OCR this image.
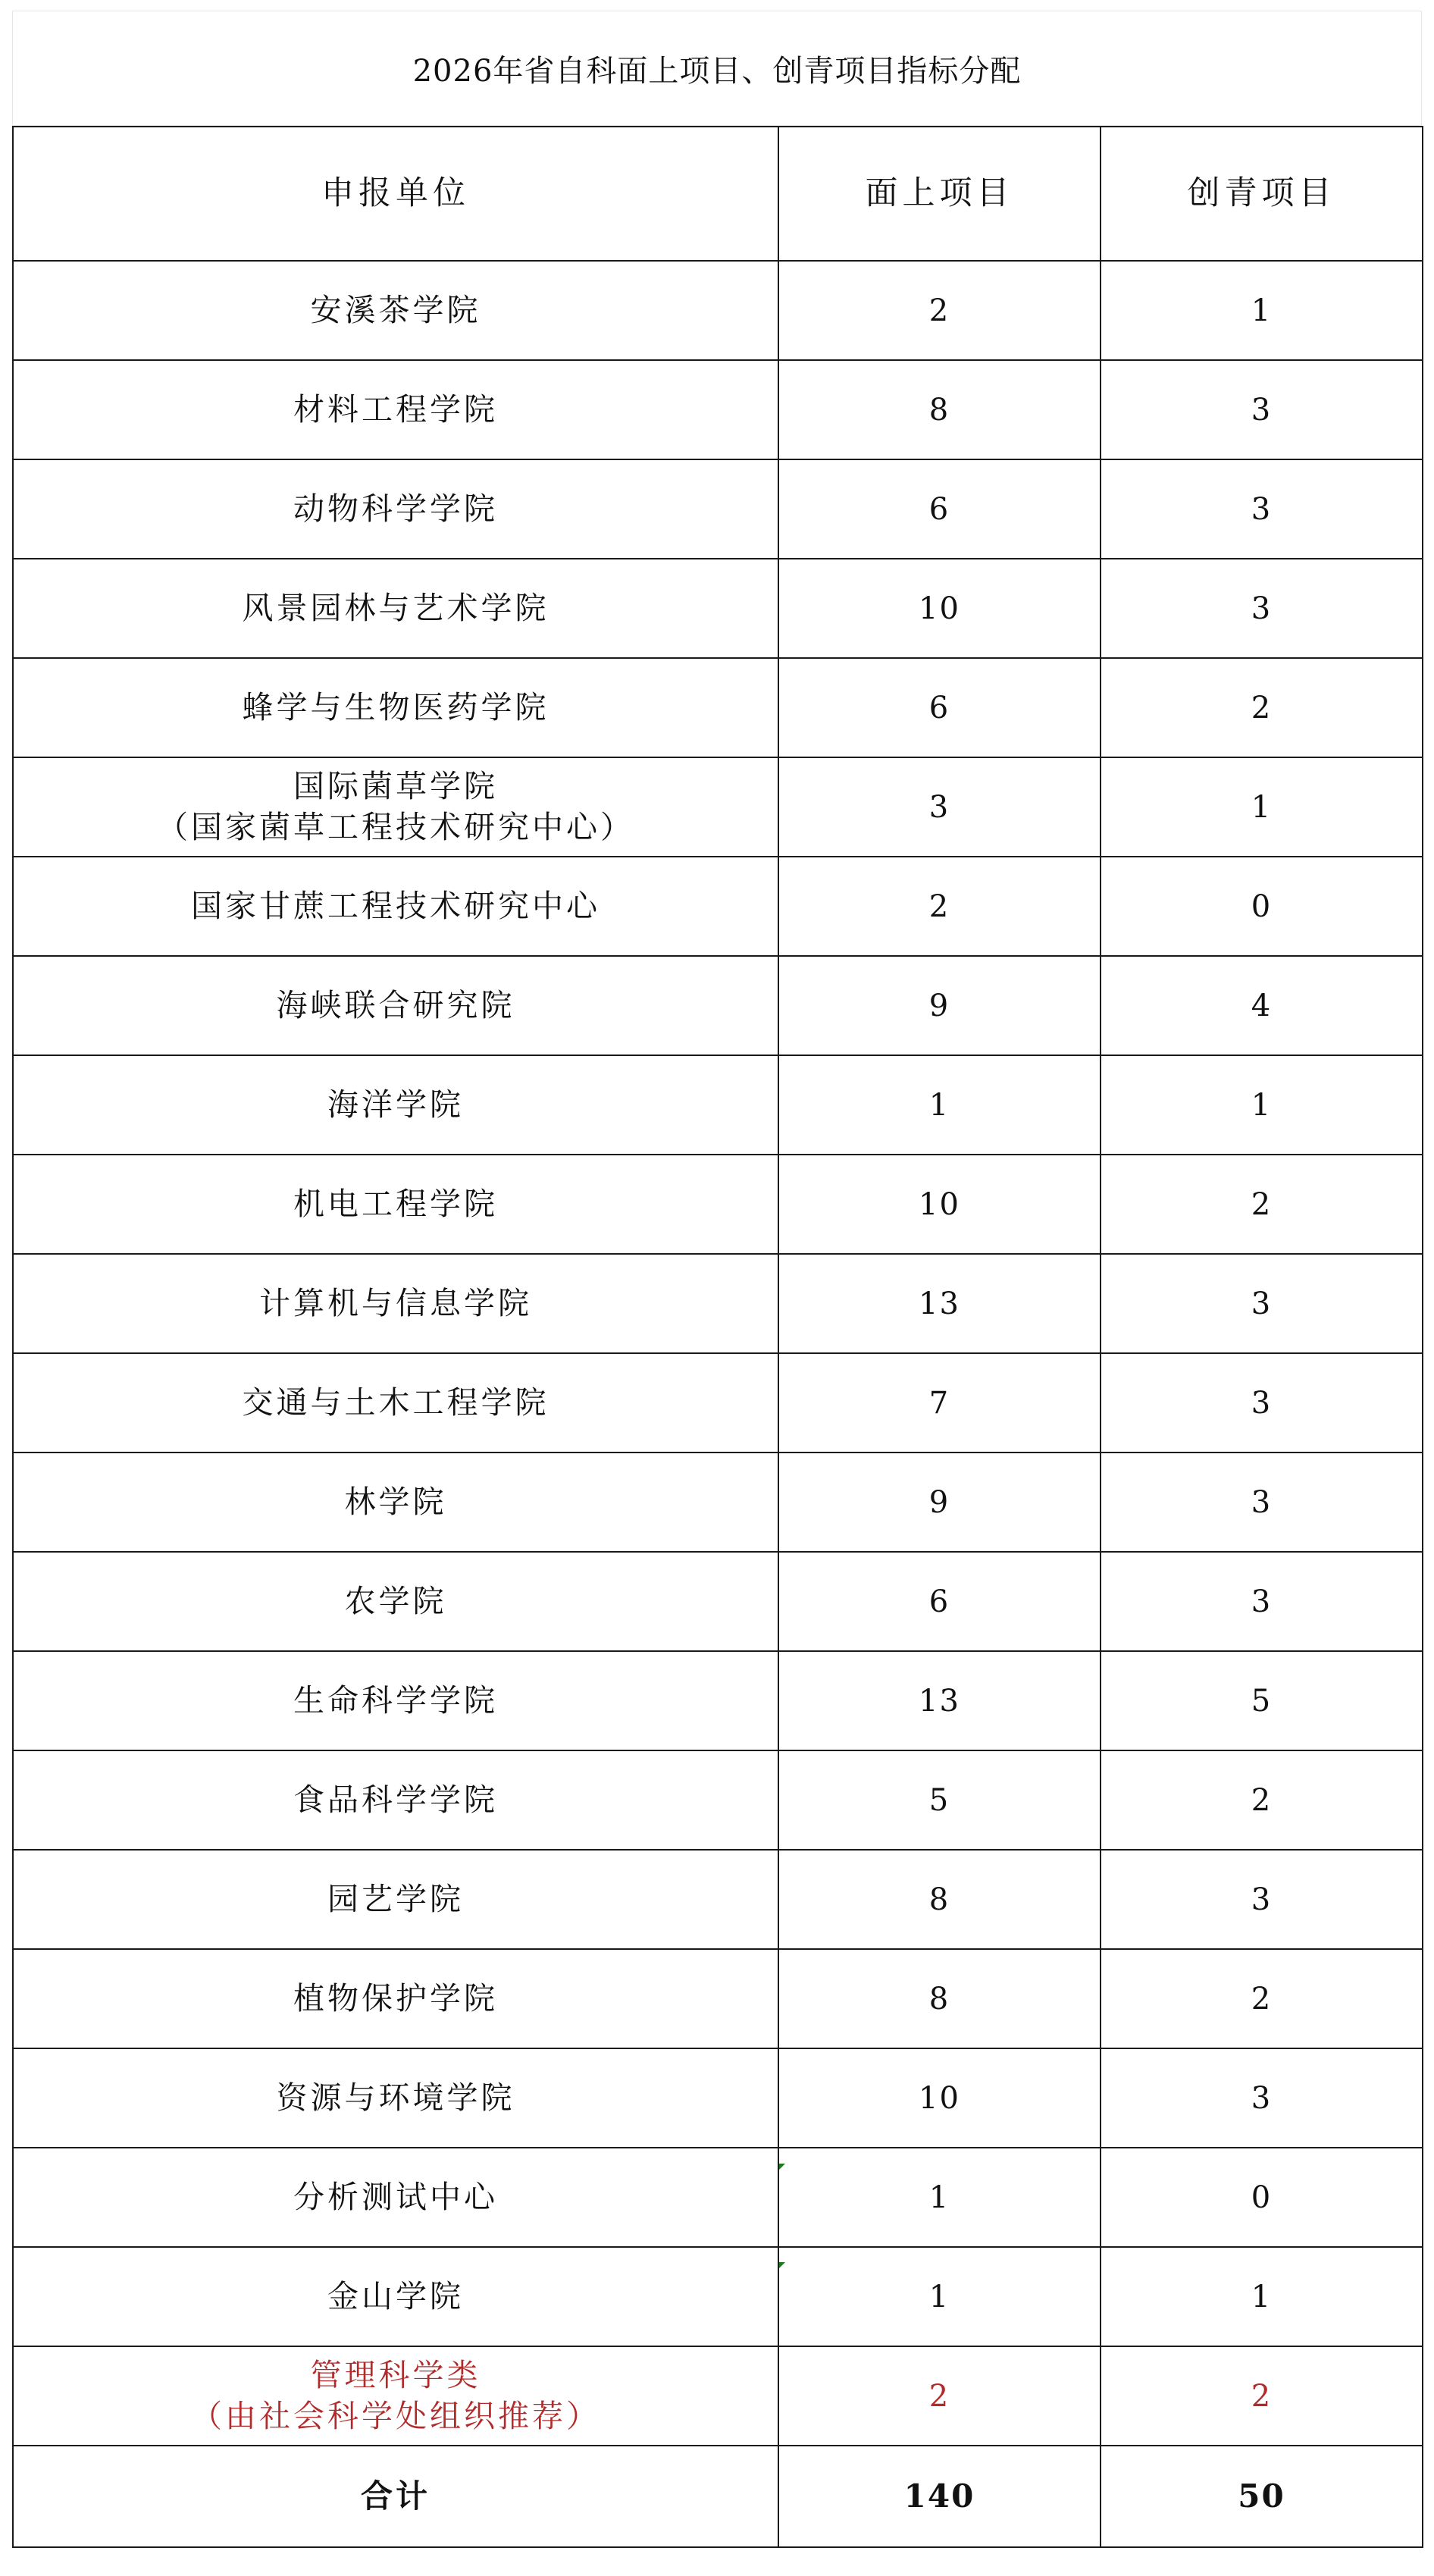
2026年省自科面上项目、创青项目指标分配
申报单位	面上项目	创青项目
安溪茶学院	2	1
材料工程学院	8	3
动物科学学院	6	3
风景园林与艺术学院	10	3
蜂学与生物医药学院	6	2

国际菌草学院
（国家菌草工程技术研究中心）	3	1
国家甘蔗工程技术研究中心	2	0
海峡联合研究院	9	4
海洋学院	1	1
机电工程学院	10	2
计算机与信息学院	13	3
交通与土木工程学院	7	3
林学院	9	3
农学院	6	3
生命科学学院	13	5
食品科学学院	5	2
园艺学院	8	3
植物保护学院	8	2
资源与环境学院	10	3
分析测试中心	1	0
金山学院	1	1

管理科学类
（由社会科学处组织推荐）	2	2
合计	140	50
